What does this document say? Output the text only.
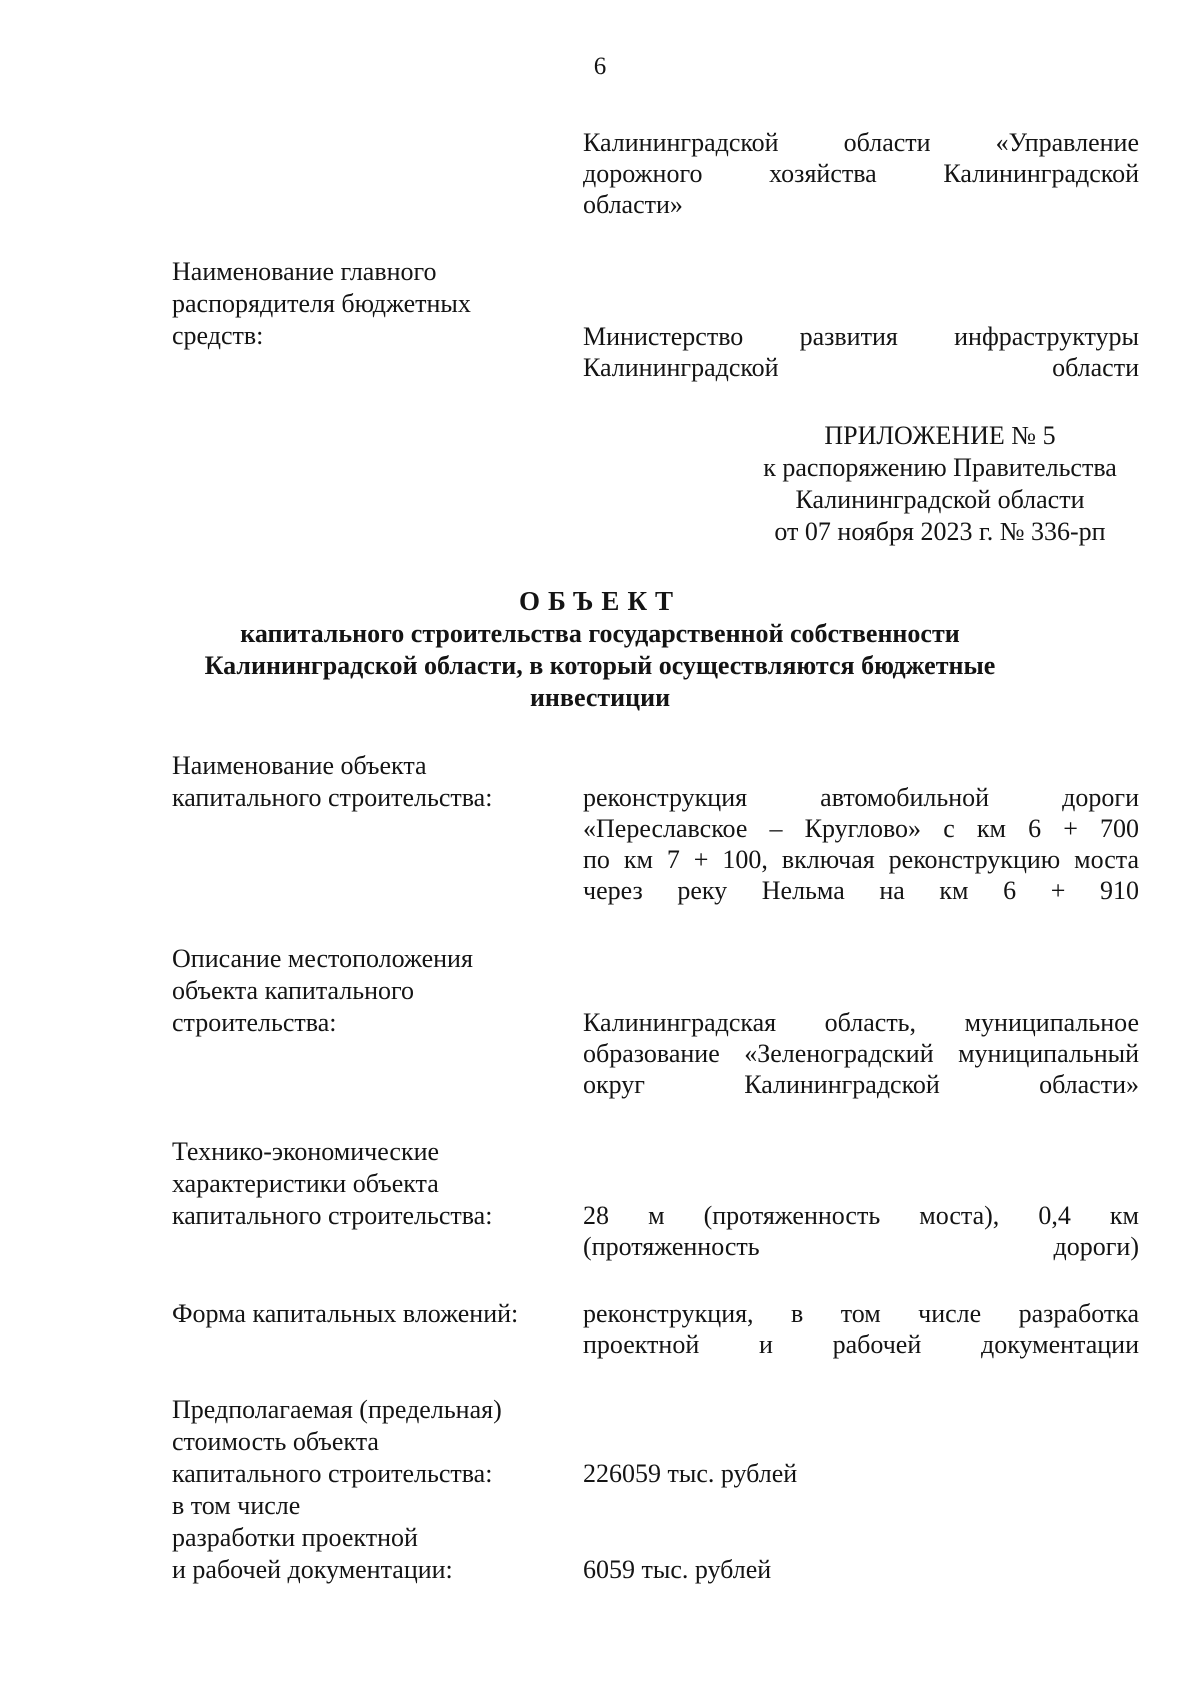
6
Калининградской области «Управление
дорожного хозяйства Калининградской
области»
Наименование главного
распорядителя бюджетных
средств:	Министерство развития инфраструктуры
Калининградской области
ПРИЛОЖЕНИЕ № 5
к распоряжению Правительства
Калининградской области
от 07 ноября 2023 г. № 336-рп
ОБЪЕКТ
капитального строительства государственной собственности
Калининградской области, в который осуществляются бюджетные
инвестиции
Наименование объекта
капитального строительства:	реконструкция автомобильной дороги
«Переславское – Круглово» с км 6 + 700
по км 7 + 100, включая реконструкцию моста
через реку Нельма на км 6 + 910
Описание местоположения
объекта капитального
строительства:	Калининградская область, муниципальное
образование «Зеленоградский муниципальный
округ Калининградской области»
Технико-экономические
характеристики объекта
капитального строительства:	28 м (протяженность моста), 0,4 км
(протяженность дороги)
Форма капитальных вложений:	реконструкция, в том числе разработка
проектной и рабочей документации
Предполагаемая (предельная)
стоимость объекта
капитального строительства:	226059 тыс. рублей
в том числе
разработки проектной
и рабочей документации:	6059 тыс. рублей
